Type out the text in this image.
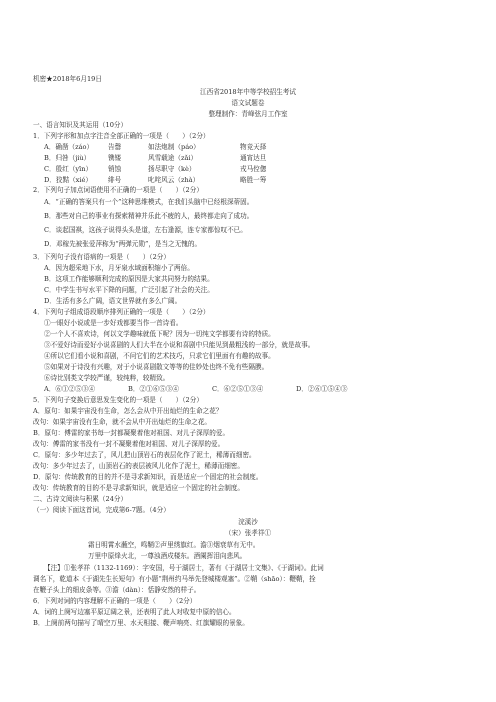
机密★2018年6月19日
江西省2018年中等学校招生考试
语文试题卷
整理制作：青峰弦月工作室
一、语言知识及其运用（10分）
1．下列字形和加点字注音全部正确的一项是（　　）（2分）
A．确凿（záo） 告罄	如法炮制（páo）	物竞天择
B．归咎（jiù）	镌镂	风雪载途（zǎi）	通宵达旦
C．殷红（yīn） 销蚀	扬尽职守（kè）	戎马倥偬
D．狡黠（xié） 绯号	叱咤风云（zhà）	略胜一筹
2．下列句子加点词语使用不正确的一项是（　　）（2分）
A．“正确的答案只有一个”这种思维模式，在我们头脑中已经根深蒂固。
B．那些对自己的事业有探索精神并乐此不疲的人，最终都走向了成功。
C．谈起国祺，这孩子说得头头是道，左右逢源，连专家都惊叹不已。
D．邓稼先被张爱萍称为“两弹元勋”，是当之无愧的。
3．下列句子没有语病的一项是（　　）（2分）
A．因为超采地下水，月牙泉水域面积缩小了两倍。
B．这项工作能够顺利完成的原因是大家共同努力的结果。
C．中学生书写水平下降的问题，广泛引起了社会的关注。
D．生活有多么广阔，语文世界就有多么广阔。
4．下列句子组成语段顺序排列正确的一项是（　　）（2分）
①一眼好小说或是一步好戏都要当作一首诗看。
②一个人不喜欢诗，何以文学趣味就低下呢？因为一切纯文学都要有诗的特质。
③不爱好诗而爱好小说喜剧的人们大半在小说和喜剧中只能见到最粗浅的一部分，就是故事。
④所以它们看小说和喜剧，不问它们的艺术技巧，只求它们里面有有趣的故事。
⑤如果对于诗没有兴趣，对于小说喜剧散文等等的佳妙处也终不免有些隔膜。
⑥诗比别类文学较严谨，较纯粹，较精致。
A．⑥①②⑤③④	B．②①⑥⑤③④	C．⑥②⑤①③④	D．②⑥①⑤④③
5．下列句子变换后意思发生变化的一项是（　　）（2分）
A．原句：如果宇宙没有生命，怎么会从中开出灿烂的生命之花？
改句：如果宇宙没有生命，就不会从中开出灿烂的生命之花。
B．原句：傅雷的家书每一封都凝聚着他对祖国、对儿子深厚的爱。
改句：傅雷的家书没有一封不凝聚着他对祖国、对儿子深厚的爱。
C．原句：多少年过去了，风儿把山顶岩石的表层化作了泥土，稀薄而细密。
改句：多少年过去了，山顶岩石的表层被风儿化作了泥土，稀薄而细密。
D．原句：传统教育的目的并不是寻求新知识，而是适应一个固定的社会制度。
改句：传统教育的目的不是寻求新知识，就是适应一个固定的社会制度。
二、古诗文阅读与积累（24分）
（一）阅读下面这首词，完成第6-7题。（4分）
浣溪沙
（宋）张孝祥①
霜日明霄水蘸空，鸣鞘②声里绣旗红。澹③烟衰草有无中。
万里中原烽火北，一尊浊酒戍楼东。酒阑挥泪向悲风。
【注】①张孝祥（1132-1169）：字安国，号于湖居士，著有《于湖居士文集》、《于湖词》。此词
调名下，乾道本《于湖先生长短句》有小题“荆州约马举先登城楼观塞”。②鞘（shāo）：鞭鞘，拴
在鞭子头上的细皮条等。③澹（dàn）：恬静安然的样子。
6．下列对词的内容理解不正确的一项是（　　）（2分）
A．词的上阕写边塞平原辽阔之景，还表明了此人对收复中原的信心。
B．上阕前两句描写了晴空万里、水天相接、鞭声响亮、红旗耀眼的景象。
